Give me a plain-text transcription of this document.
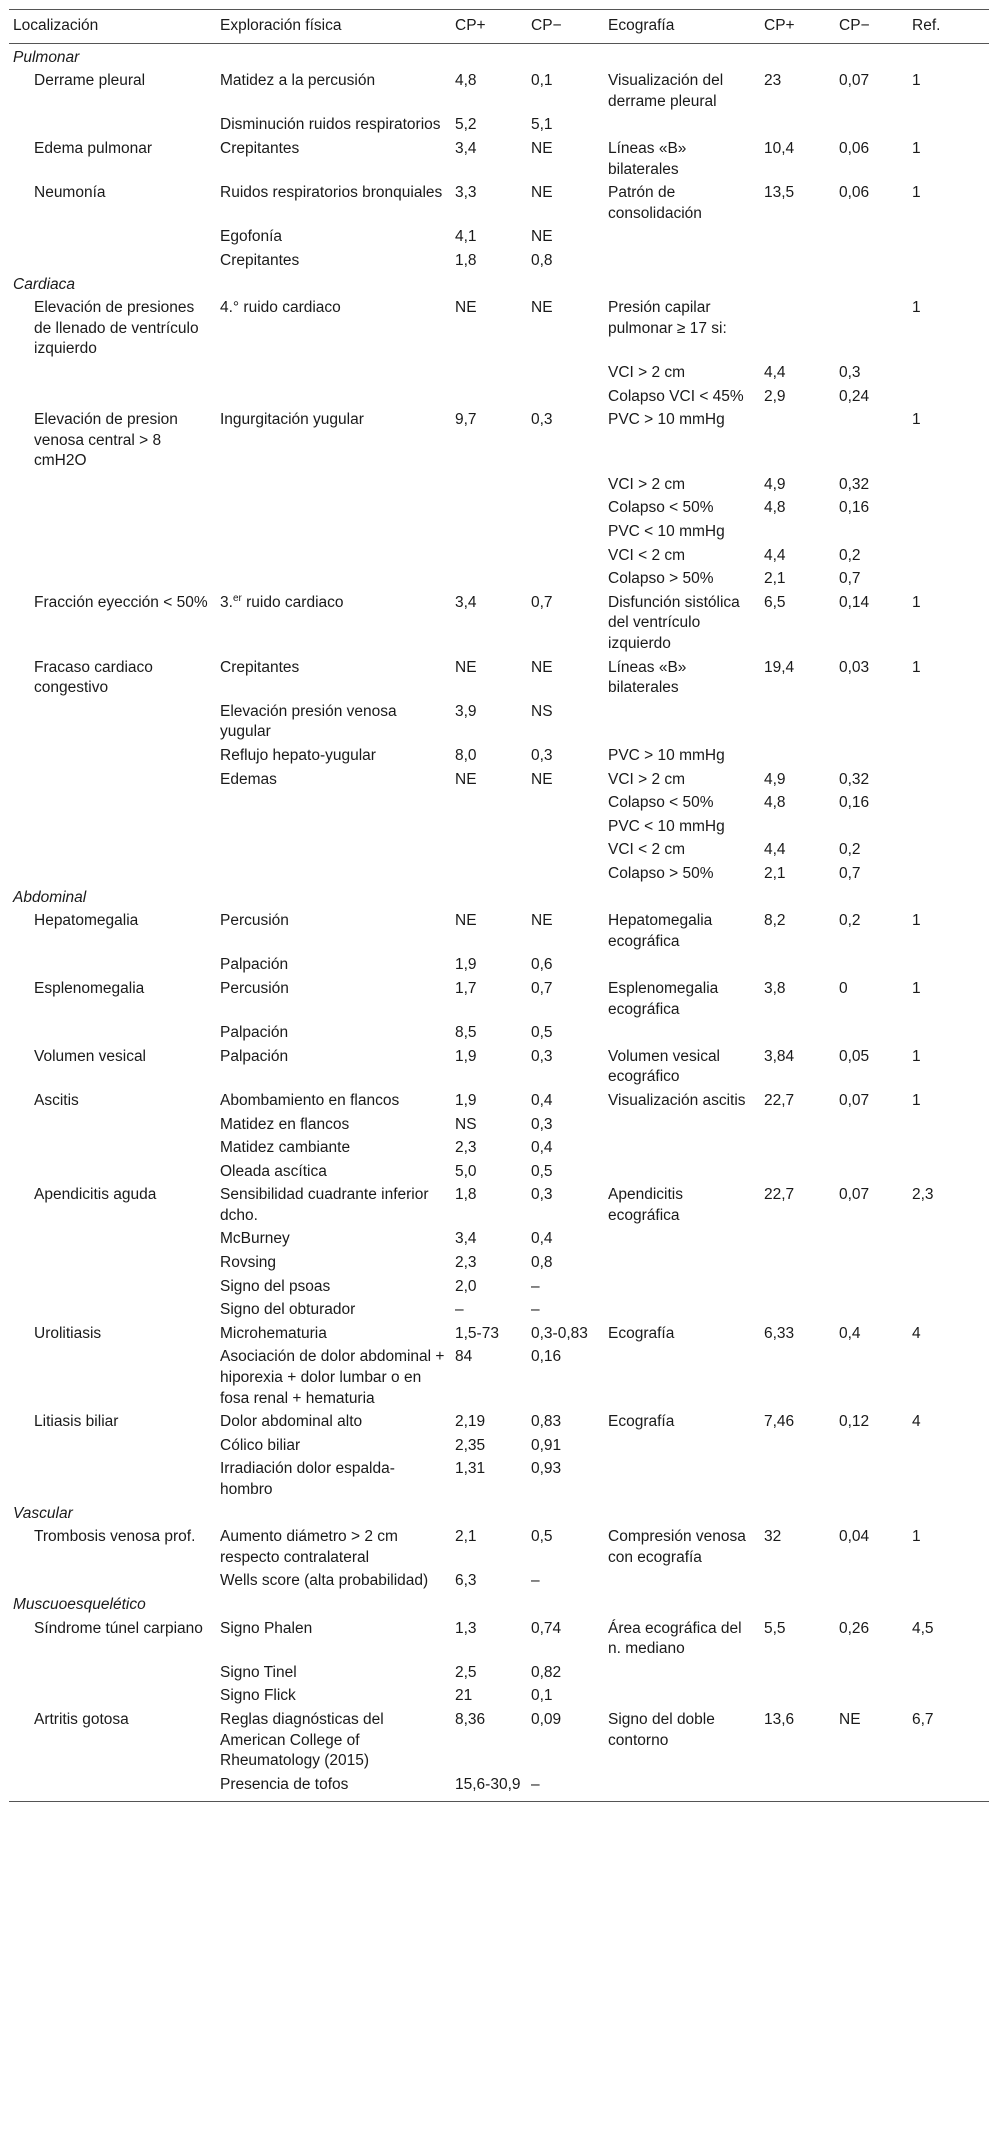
Localización	Exploración física	CP+	CP−	Ecografía	CP+	CP−	Ref.
Pulmonar							
Derrame pleural	Matidez a la percusión	4,8	0,1	Visualización del derrame pleural	23	0,07	1
	Disminución ruidos respiratorios	5,2	5,1				
Edema pulmonar	Crepitantes	3,4	NE	Líneas «B» bilaterales	10,4	0,06	1
Neumonía	Ruidos respiratorios bronquiales	3,3	NE	Patrón de consolidación	13,5	0,06	1
	Egofonía	4,1	NE				
	Crepitantes	1,8	0,8				
Cardiaca							
Elevación de presiones de llenado de ventrículo izquierdo	4.° ruido cardiaco	NE	NE	Presión capilar pulmonar ≥ 17 si:			1
				VCI > 2 cm	4,4	0,3	
				Colapso VCI < 45%	2,9	0,24	
Elevación de presion venosa central > 8 cmH2O	Ingurgitación yugular	9,7	0,3	PVC > 10 mmHg			1
				VCI > 2 cm	4,9	0,32	
				Colapso < 50%	4,8	0,16	
				PVC < 10 mmHg			
				VCI < 2 cm	4,4	0,2	
				Colapso > 50%	2,1	0,7	
Fracción eyección < 50%	3.$^{er}$ ruido cardiaco	3,4	0,7	Disfunción sistólica del ventrículo izquierdo	6,5	0,14	1
Fracaso cardiaco congestivo	Crepitantes	NE	NE	Líneas «B» bilaterales	19,4	0,03	1
	Elevación presión venosa yugular	3,9	NS				
	Reflujo hepato-yugular	8,0	0,3	PVC > 10 mmHg			
	Edemas	NE	NE	VCI > 2 cm	4,9	0,32	
				Colapso < 50%	4,8	0,16	
				PVC < 10 mmHg			
				VCI < 2 cm	4,4	0,2	
				Colapso > 50%	2,1	0,7	
Abdominal							
Hepatomegalia	Percusión	NE	NE	Hepatomegalia ecográfica	8,2	0,2	1
	Palpación	1,9	0,6				
Esplenomegalia	Percusión	1,7	0,7	Esplenomegalia ecográfica	3,8	0	1
	Palpación	8,5	0,5				
Volumen vesical	Palpación	1,9	0,3	Volumen vesical ecográfico	3,84	0,05	1
Ascitis	Abombamiento en flancos	1,9	0,4	Visualización ascitis	22,7	0,07	1
	Matidez en flancos	NS	0,3				
	Matidez cambiante	2,3	0,4				
	Oleada ascítica	5,0	0,5				
Apendicitis aguda	Sensibilidad cuadrante inferior dcho.	1,8	0,3	Apendicitis ecográfica	22,7	0,07	2,3
	McBurney	3,4	0,4				
	Rovsing	2,3	0,8				
	Signo del psoas	2,0	–				
	Signo del obturador	–	–				
Urolitiasis	Microhematuria	1,5-73	0,3-0,83	Ecografía	6,33	0,4	4
	Asociación de dolor abdominal + hiporexia + dolor lumbar o en fosa renal + hematuria	84	0,16				
Litiasis biliar	Dolor abdominal alto	2,19	0,83	Ecografía	7,46	0,12	4
	Cólico biliar	2,35	0,91				
	Irradiación dolor espalda-hombro	1,31	0,93				
Vascular							
Trombosis venosa prof.	Aumento diámetro > 2 cm respecto contralateral	2,1	0,5	Compresión venosa con ecografía	32	0,04	1
	Wells score (alta probabilidad)	6,3	–				
Muscuoesquelético							
Síndrome túnel carpiano	Signo Phalen	1,3	0,74	Área ecográfica del n. mediano	5,5	0,26	4,5
	Signo Tinel	2,5	0,82				
	Signo Flick	21	0,1				
Artritis gotosa	Reglas diagnósticas del American College of Rheumatology (2015)	8,36	0,09	Signo del doble contorno	13,6	NE	6,7
	Presencia de tofos	15,6-30,9	–				
